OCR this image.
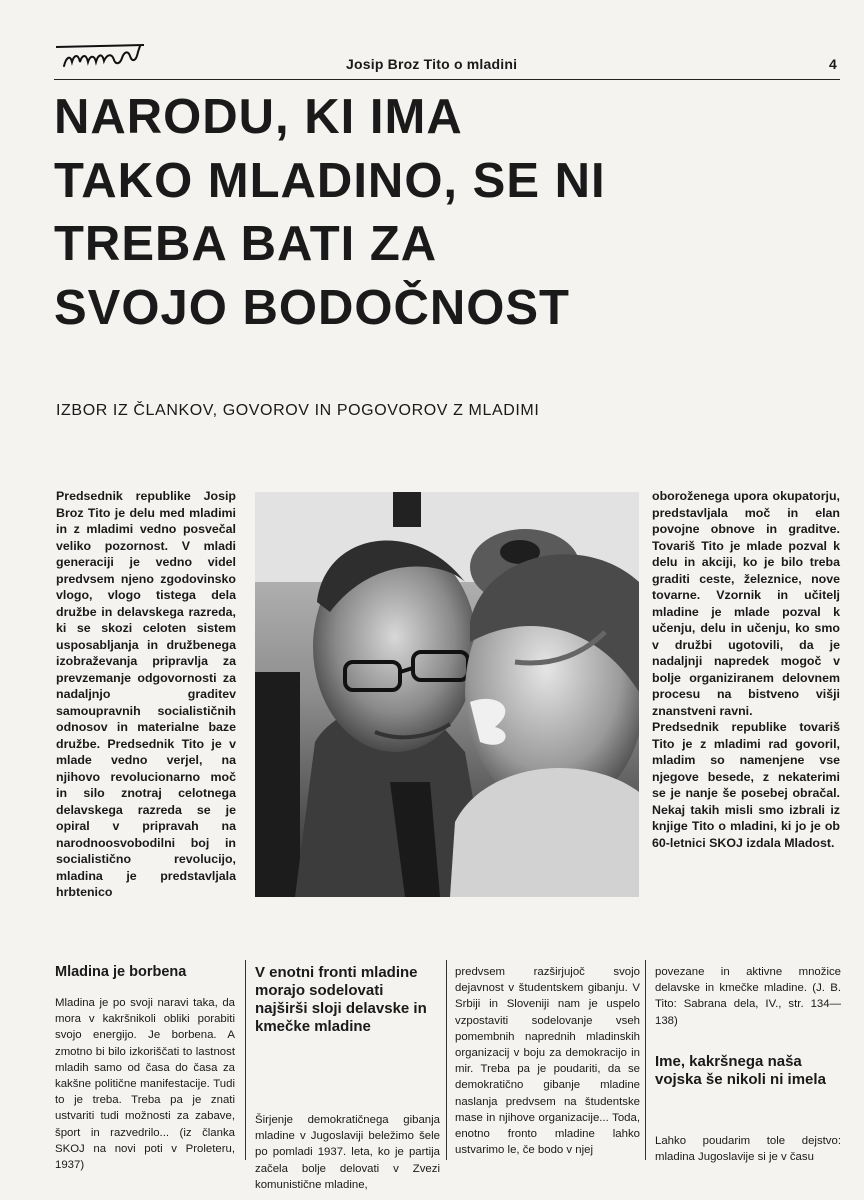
Josip Broz Tito o mladini	4
NARODU, KI IMA
TAKO MLADINO, SE NI
TREBA BATI ZA
SVOJO BODOČNOST
IZBOR IZ ČLANKOV, GOVOROV IN POGOVOROV Z MLADIMI
Predsednik republike Josip Broz Tito je delu med mladimi in z mladimi vedno posvečal veliko pozornost. V mladi generaciji je vedno videl predvsem njeno zgodovinsko vlogo, vlogo tistega dela družbe in delavskega razreda, ki se skozi celoten sistem usposabljanja in družbenega izobraževanja pripravlja za prevzemanje odgovornosti za nadaljnjo graditev samoupravnih socialističnih odnosov in materialne baze družbe. Predsednik Tito je v mlade vedno verjel, na njihovo revolucionarno moč in silo znotraj celotnega delavskega razreda se je opiral v pripravah na narodnoosvobodilni boj in socialistično revolucijo, mladina je predstavljala hrbtenico

oboroženega upora okupatorju, predstavljala moč in elan povojne obnove in graditve. Tovariš Tito je mlade pozval k delu in akciji, ko je bilo treba graditi ceste, železnice, nove tovarne. Vzornik in učitelj mladine je mlade pozval k učenju, delu in učenju, ko smo v družbi ugotovili, da je nadaljnji napredek mogoč v bolje organiziranem delovnem procesu na bistveno višji znanstveni ravni.

Predsednik republike tovariš Tito je z mladimi rad govoril, mladim so namenjene vse njegove besede, z nekaterimi se je nanje še posebej obračal. Nekaj takih misli smo izbrali iz knjige Tito o mladini, ki jo je ob 60-letnici SKOJ izdala Mladost.

Mladina je borbena
Mladina je po svoji naravi taka, da mora v kakršnikoli obliki porabiti svojo energijo. Je borbena. A zmotno bi bilo izkoriščati to lastnost mladih samo od časa do časa za kakšne politične manifestacije. Tudi to je treba. Treba pa je znati ustvariti tudi možnosti za zabave, šport in razvedrilo... (iz članka SKOJ na novi poti v Proleteru, 1937)
V enotni fronti mladine morajo sodelovati najširši sloji delavske in kmečke mladine
Širjenje demokratičnega gibanja mladine v Jugoslaviji beležimo šele po pomladi 1937. leta, ko je partija začela bolje delovati v Zvezi komunistične mladine,
predvsem razširjujoč svojo dejavnost v študentskem gibanju. V Srbiji in Sloveniji nam je uspelo vzpostaviti sodelovanje vseh pomembnih naprednih mladinskih organizacij v boju za demokracijo in mir. Treba pa je poudariti, da se demokratično gibanje mladine naslanja predvsem na študentske mase in njihove organizacije... Toda, enotno fronto mladine lahko ustvarimo le, če bodo v njej
povezane in aktivne množice delavske in kmečke mladine. (J. B. Tito: Sabrana dela, IV., str. 134—138)
Ime, kakršnega naša vojska še nikoli ni imela
Lahko poudarim tole dejstvo: mladina Jugoslavije si je v času
